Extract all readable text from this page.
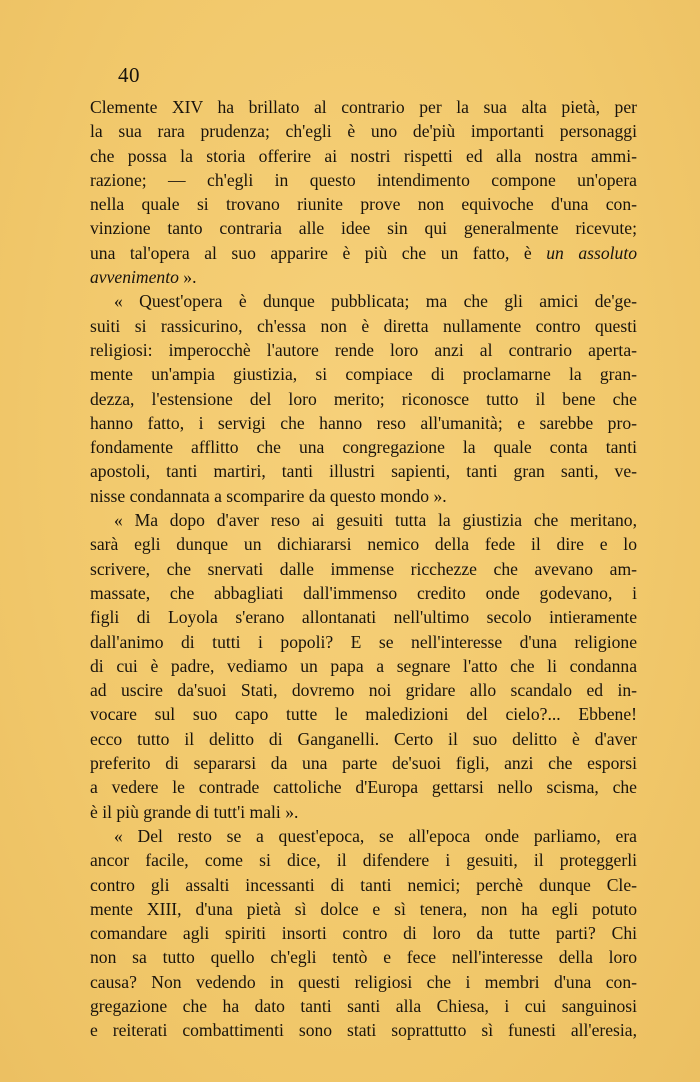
40
Clemente XIV ha brillato al contrario per la sua alta pietà, per
la sua rara prudenza; ch'egli è uno de'più importanti personaggi
che possa la storia offerire ai nostri rispetti ed alla nostra ammi-
razione; — ch'egli in questo intendimento compone un'opera
nella quale si trovano riunite prove non equivoche d'una con-
vinzione tanto contraria alle idee sin qui generalmente ricevute;
una tal'opera al suo apparire è più che un fatto, è un assoluto
avvenimento ».
« Quest'opera è dunque pubblicata; ma che gli amici de'ge-
suiti si rassicurino, ch'essa non è diretta nullamente contro questi
religiosi: imperocchè l'autore rende loro anzi al contrario aperta-
mente un'ampia giustizia, si compiace di proclamarne la gran-
dezza, l'estensione del loro merito; riconosce tutto il bene che
hanno fatto, i servigi che hanno reso all'umanità; e sarebbe pro-
fondamente afflitto che una congregazione la quale conta tanti
apostoli, tanti martiri, tanti illustri sapienti, tanti gran santi, ve-
nisse condannata a scomparire da questo mondo ».
« Ma dopo d'aver reso ai gesuiti tutta la giustizia che meritano,
sarà egli dunque un dichiararsi nemico della fede il dire e lo
scrivere, che snervati dalle immense ricchezze che avevano am-
massate, che abbagliati dall'immenso credito onde godevano, i
figli di Loyola s'erano allontanati nell'ultimo secolo intieramente
dall'animo di tutti i popoli? E se nell'interesse d'una religione
di cui è padre, vediamo un papa a segnare l'atto che li condanna
ad uscire da'suoi Stati, dovremo noi gridare allo scandalo ed in-
vocare sul suo capo tutte le maledizioni del cielo?... Ebbene!
ecco tutto il delitto di Ganganelli. Certo il suo delitto è d'aver
preferito di separarsi da una parte de'suoi figli, anzi che esporsi
a vedere le contrade cattoliche d'Europa gettarsi nello scisma, che
è il più grande di tutt'i mali ».
« Del resto se a quest'epoca, se all'epoca onde parliamo, era
ancor facile, come si dice, il difendere i gesuiti, il proteggerli
contro gli assalti incessanti di tanti nemici; perchè dunque Cle-
mente XIII, d'una pietà sì dolce e sì tenera, non ha egli potuto
comandare agli spiriti insorti contro di loro da tutte parti? Chi
non sa tutto quello ch'egli tentò e fece nell'interesse della loro
causa? Non vedendo in questi religiosi che i membri d'una con-
gregazione che ha dato tanti santi alla Chiesa, i cui sanguinosi
e reiterati combattimenti sono stati soprattutto sì funesti all'eresia,
